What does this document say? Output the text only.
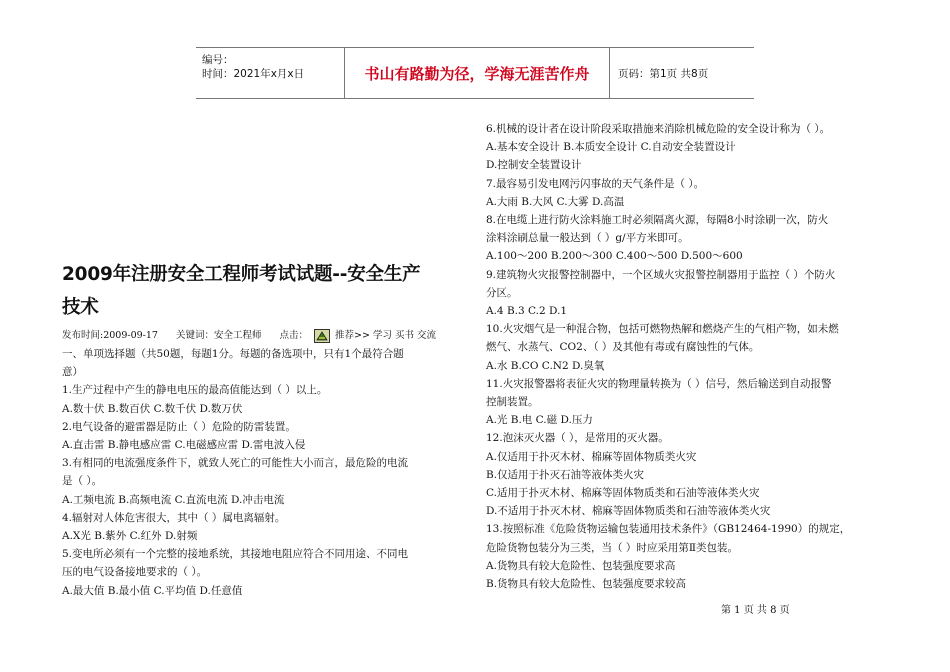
编号：
时间：2021年x月x日	书山有路勤为径，学海无涯苦作舟	页码：第1页 共8页
2009年注册安全工程师考试试题--安全生产
技术
发布时间:2009-09-17 关键词：安全工程师 点击：	推荐>> 学习 买书 交流

一、单项选择题（共50题，每题1分。每题的备选项中，只有1个最符合题

意）

1.生产过程中产生的静电电压的最高值能达到（ ）以上。

A.数十伏 B.数百伏 C.数千伏 D.数万伏

2.电气设备的避雷器是防止（ ）危险的防雷装置。

A.直击雷 B.静电感应雷 C.电磁感应雷 D.雷电波入侵

3.有相同的电流强度条件下，就致人死亡的可能性大小而言，最危险的电流

是（ ）。

A.工频电流 B.高频电流 C.直流电流 D.冲击电流

4.辐射对人体危害很大，其中（ ）属电离辐射。

A.X光 B.紫外 C.红外 D.射频

5.变电所必须有一个完整的接地系统，其接地电阻应符合不同用途、不同电

压的电气设备接地要求的（ ）。

A.最大值 B.最小值 C.平均值 D.任意值

6.机械的设计者在设计阶段采取措施来消除机械危险的安全设计称为（ ）。

A.基本安全设计 B.本质安全设计 C.自动安全装置设计

D.控制安全装置设计

7.最容易引发电网污闪事故的天气条件是（ ）。

A.大雨 B.大风 C.大雾 D.高温

8.在电缆上进行防火涂料施工时必须隔离火源，每隔8小时涂刷一次，防火

涂料涂刷总量一般达到（ ）g/平方米即可。

A.100～200 B.200～300 C.400～500 D.500～600

9.建筑物火灾报警控制器中，一个区域火灾报警控制器用于监控（ ）个防火

分区。

A.4 B.3 C.2 D.1

10.火灾烟气是一种混合物，包括可燃物热解和燃烧产生的气相产物，如未燃

燃气、水蒸气、CO2、（ ）及其他有毒或有腐蚀性的气体。

A.水 B.CO C.N2 D.臭氧

11.火灾报警器将表征火灾的物理量转换为（ ）信号，然后输送到自动报警

控制装置。

A.光 B.电 C.磁 D.压力

12.泡沫灭火器（ ），是常用的灭火器。

A.仅适用于扑灭木材、棉麻等固体物质类火灾

B.仅适用于扑灭石油等液体类火灾

C.适用于扑灭木材、棉麻等固体物质类和石油等液体类火灾

D.不适用于扑灭木材、棉麻等固体物质类和石油等液体类火灾

13.按照标准《危险货物运输包装通用技术条件》（GB12464-1990）的规定，

危险货物包装分为三类，当（ ）时应采用第Ⅱ类包装。

A.货物具有较大危险性、包装强度要求高

B.货物具有较大危险性、包装强度要求较高

第 1 页 共 8 页
